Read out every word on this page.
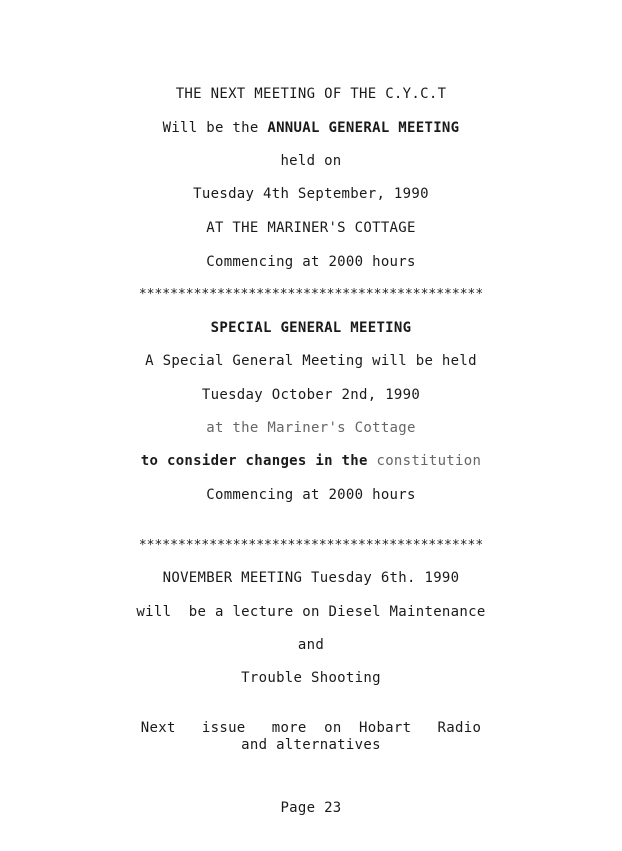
THE NEXT MEETING OF THE C.Y.C.T
Will be the ANNUAL GENERAL MEETING
held on
Tuesday 4th September, 1990
AT THE MARINER'S COTTAGE
Commencing at 2000 hours
********************************************
SPECIAL GENERAL MEETING
A Special General Meeting will be held
Tuesday October 2nd, 1990
at the Mariner's Cottage
to consider changes in the constitution
Commencing at 2000 hours
********************************************
NOVEMBER MEETING Tuesday 6th. 1990
will  be a lecture on Diesel Maintenance
and
Trouble Shooting
Next   issue   more  on  Hobart   Radio
and alternatives
Page 23
